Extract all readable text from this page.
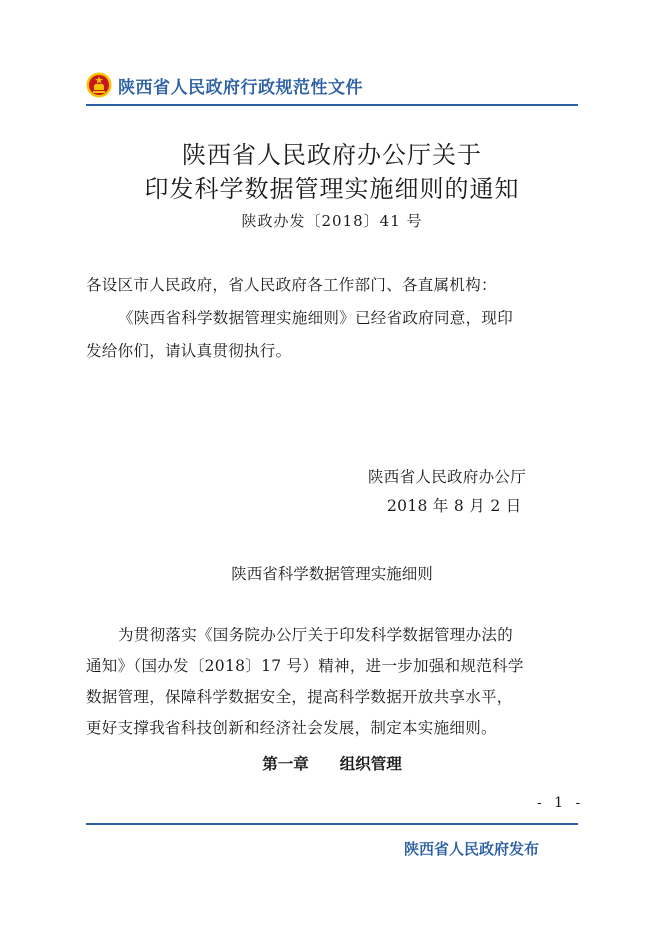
陕西省人民政府行政规范性文件
陕西省人民政府办公厅关于
印发科学数据管理实施细则的通知
陕政办发〔2018〕41 号
各设区市人民政府，省人民政府各工作部门、各直属机构：
《陕西省科学数据管理实施细则》已经省政府同意，现印
发给你们，请认真贯彻执行。
陕西省人民政府办公厅
2018 年 8 月 2 日
陕西省科学数据管理实施细则
为贯彻落实《国务院办公厅关于印发科学数据管理办法的
通知》（国办发〔2018〕17 号）精神，进一步加强和规范科学
数据管理，保障科学数据安全，提高科学数据开放共享水平，
更好支撑我省科技创新和经济社会发展，制定本实施细则。
第一章　　组织管理
- 1 -
陕西省人民政府发布
